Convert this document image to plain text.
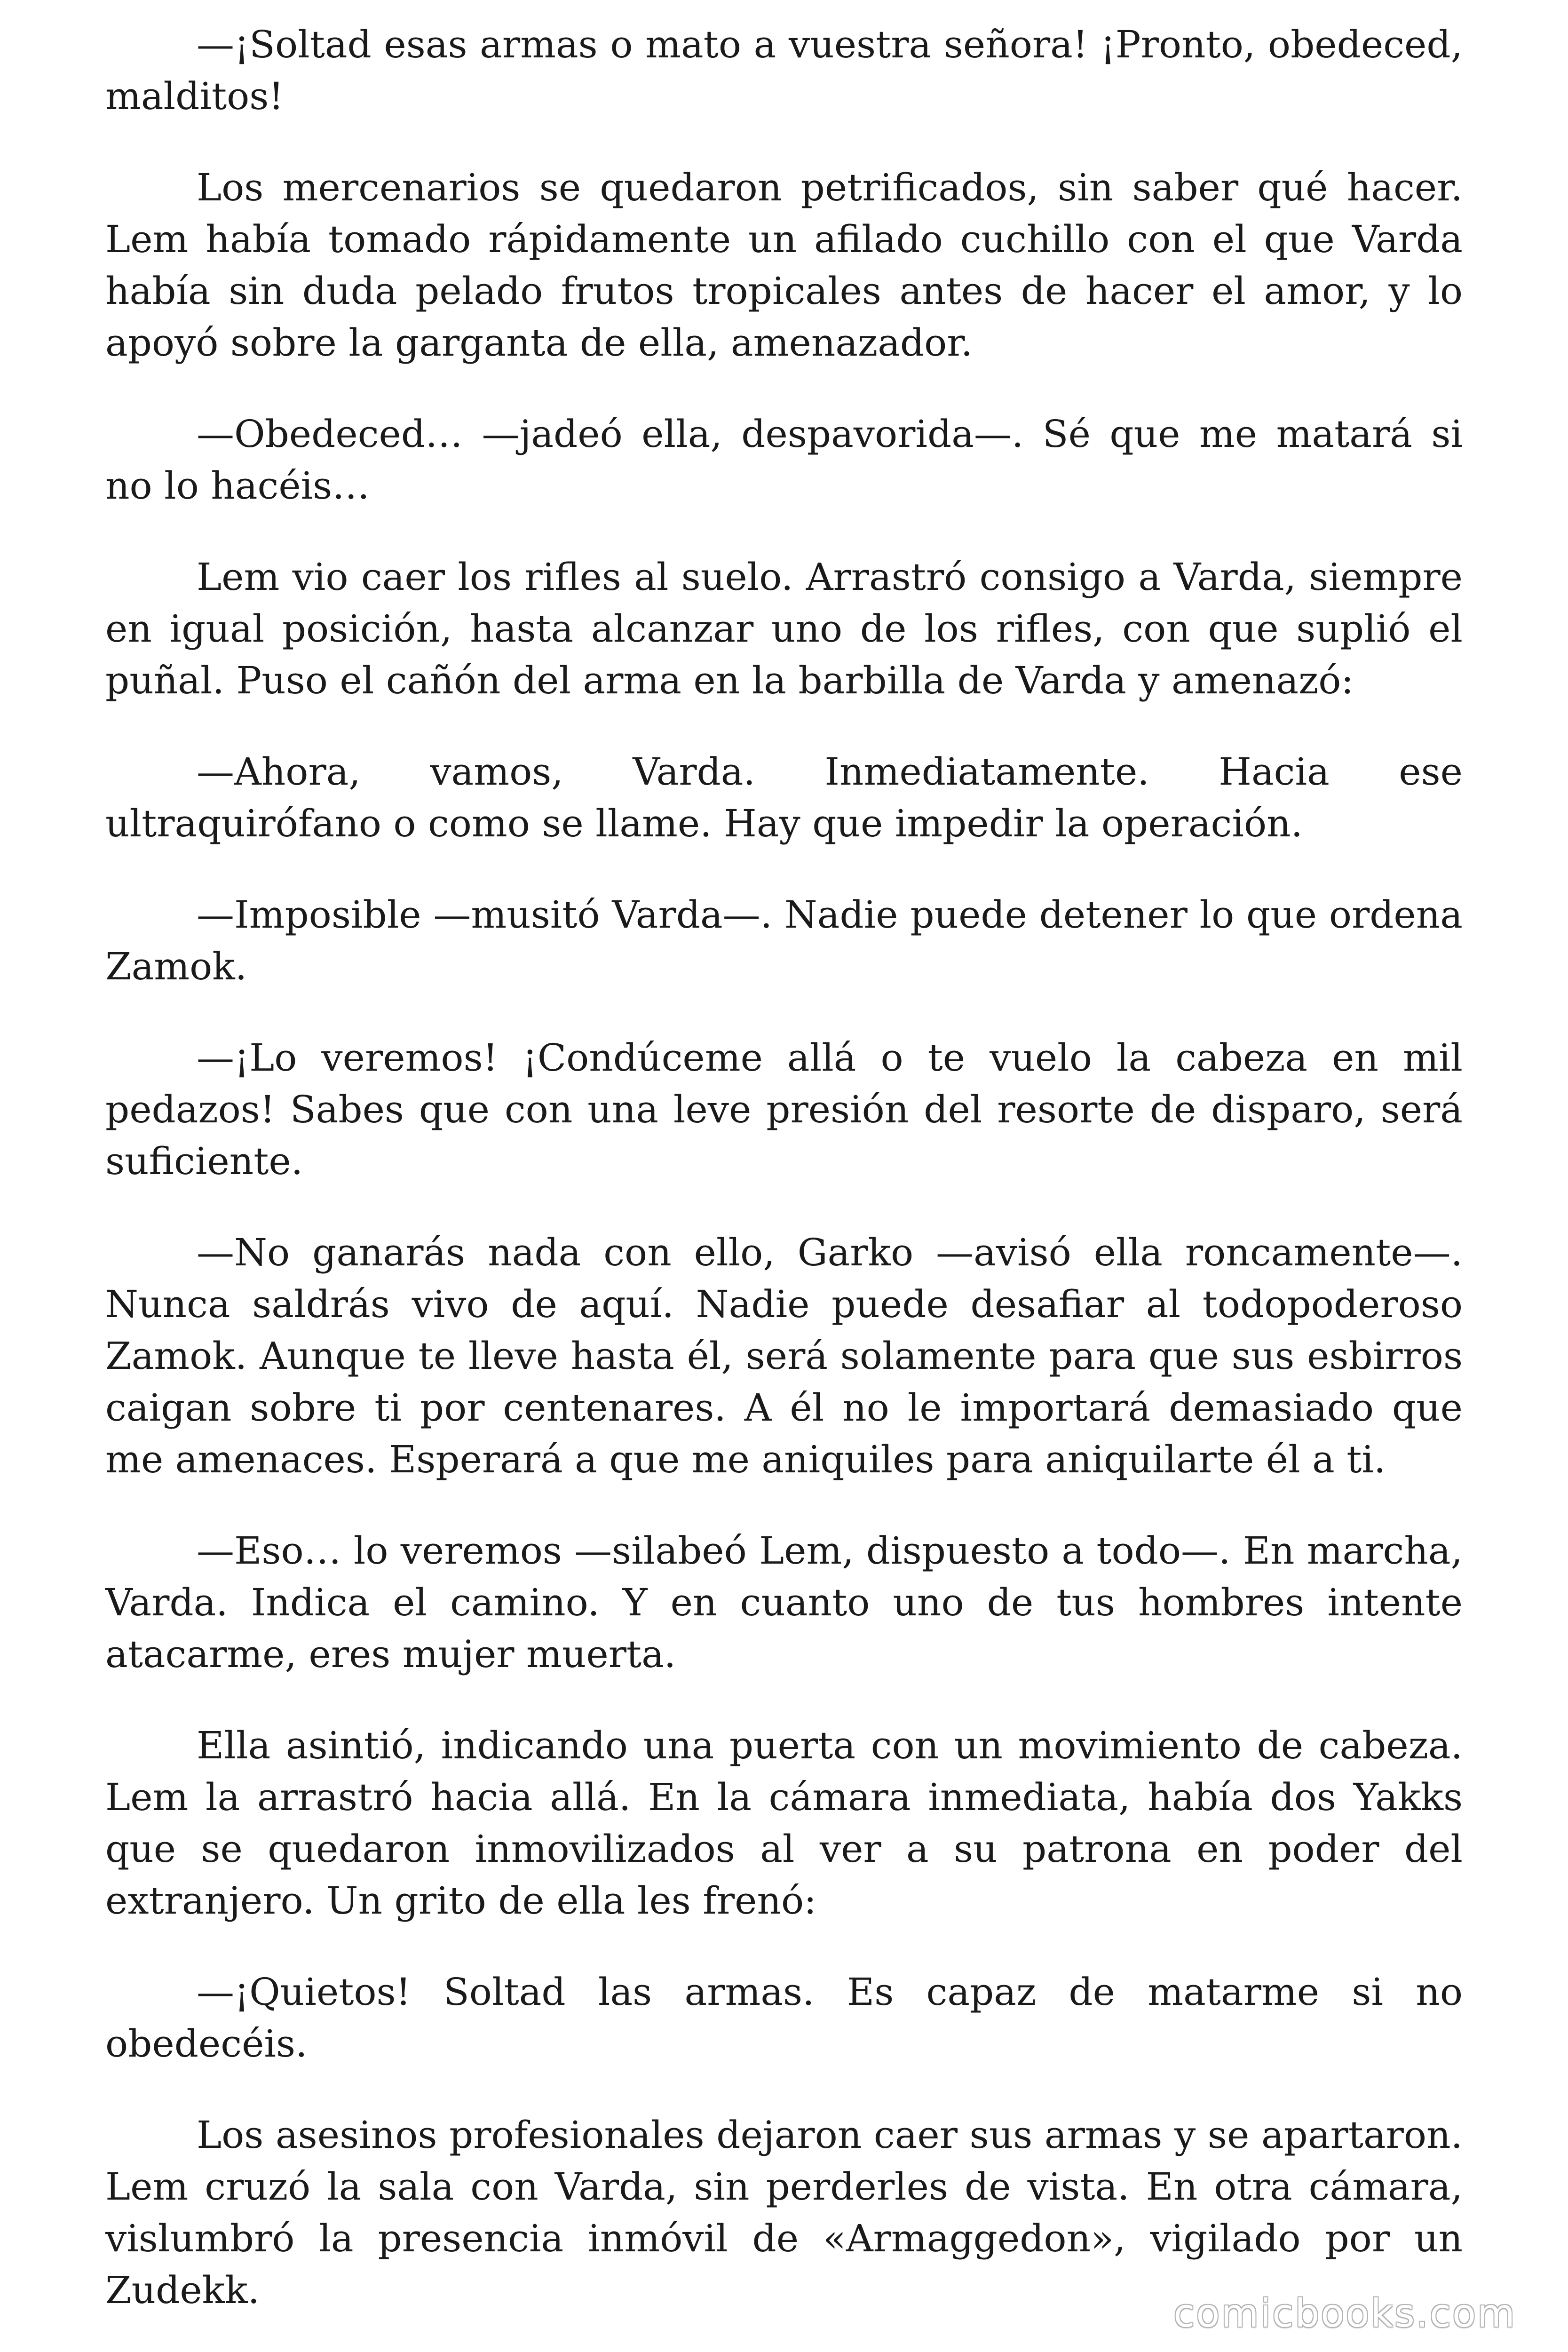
—¡Soltad esas armas o mato a vuestra señora! ¡Pronto, obedeced, malditos!

Los mercenarios se quedaron petrificados, sin saber qué hacer. Lem había tomado rápidamente un afilado cuchillo con el que Varda había sin duda pelado frutos tropicales antes de hacer el amor, y lo apoyó sobre la garganta de ella, amenazador.

—Obedeced… —jadeó ella, despavorida—. Sé que me matará si no lo hacéis…

Lem vio caer los rifles al suelo. Arrastró consigo a Varda, siempre en igual posición, hasta alcanzar uno de los rifles, con que suplió el puñal. Puso el cañón del arma en la barbilla de Varda y amenazó:

—Ahora, vamos, Varda. Inmediatamente. Hacia ese ultraquirófano o como se llame. Hay que impedir la operación.

—Imposible —musitó Varda—. Nadie puede detener lo que ordena Zamok.

—¡Lo veremos! ¡Condúceme allá o te vuelo la cabeza en mil pedazos! Sabes que con una leve presión del resorte de disparo, será suficiente.

—No ganarás nada con ello, Garko —avisó ella roncamente—. Nunca saldrás vivo de aquí. Nadie puede desafiar al todopoderoso Zamok. Aunque te lleve hasta él, será solamente para que sus esbirros caigan sobre ti por centenares. A él no le importará demasiado que me amenaces. Esperará a que me aniquiles para aniquilarte él a ti.

—Eso… lo veremos —silabeó Lem, dispuesto a todo—. En marcha, Varda. Indica el camino. Y en cuanto uno de tus hombres intente atacarme, eres mujer muerta.

Ella asintió, indicando una puerta con un movimiento de cabeza. Lem la arrastró hacia allá. En la cámara inmediata, había dos Yakks que se quedaron inmovilizados al ver a su patrona en poder del extranjero. Un grito de ella les frenó:

—¡Quietos! Soltad las armas. Es capaz de matarme si no obedecéis.

Los asesinos profesionales dejaron caer sus armas y se apartaron. Lem cruzó la sala con Varda, sin perderles de vista. En otra cámara, vislumbró la presencia inmóvil de «Armaggedon», vigilado por un Zudekk.

comicbooks.com
